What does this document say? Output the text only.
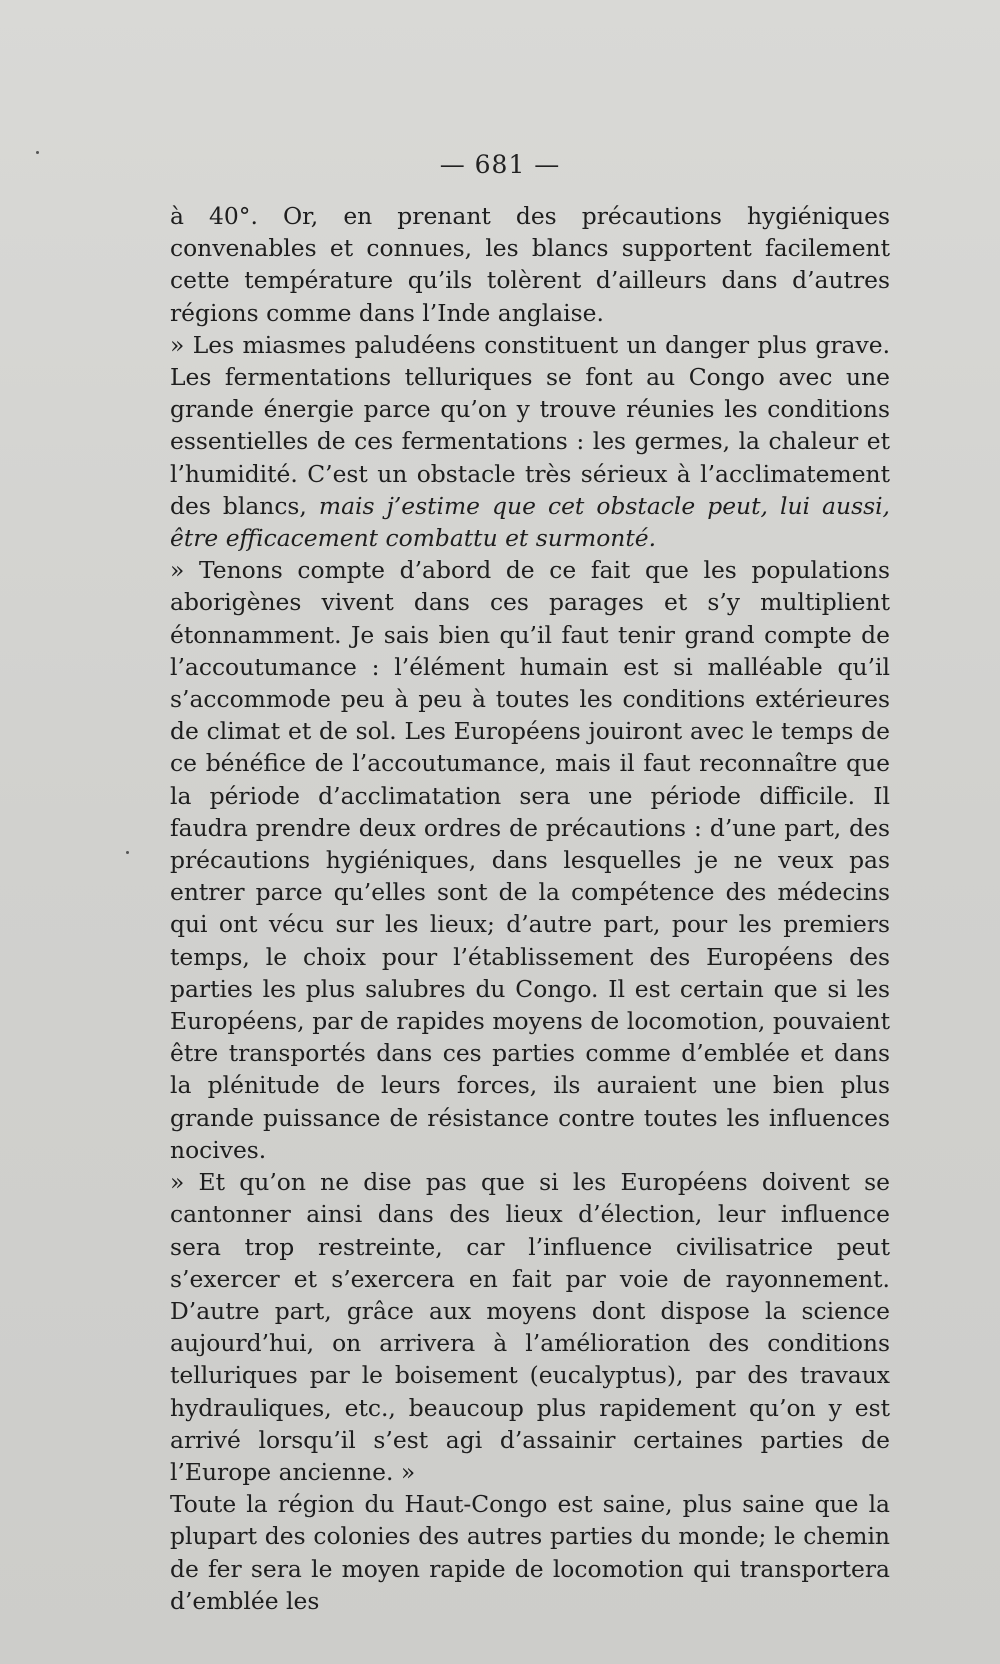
— 681 —

à 40°. Or, en prenant des précautions hygiéniques convenables et connues, les blancs supportent facilement cette température qu’ils tolèrent d’ailleurs dans d’autres régions comme dans l’Inde anglaise.

» Les miasmes paludéens constituent un danger plus grave. Les fermentations telluriques se font au Congo avec une grande énergie parce qu’on y trouve réunies les conditions essentielles de ces fermentations : les germes, la chaleur et l’humidité. C’est un obstacle très sérieux à l’acclimatement des blancs, mais j’estime que cet obstacle peut, lui aussi, être efficacement combattu et surmonté.

» Tenons compte d’abord de ce fait que les populations aborigènes vivent dans ces parages et s’y multiplient étonnamment. Je sais bien qu’il faut tenir grand compte de l’accoutumance : l’élément humain est si malléable qu’il s’accommode peu à peu à toutes les conditions extérieures de climat et de sol. Les Européens jouiront avec le temps de ce bénéfice de l’accoutumance, mais il faut reconnaître que la période d’acclimatation sera une période difficile. Il faudra prendre deux ordres de précautions : d’une part, des précautions hygiéniques, dans lesquelles je ne veux pas entrer parce qu’elles sont de la compétence des médecins qui ont vécu sur les lieux; d’autre part, pour les premiers temps, le choix pour l’établissement des Européens des parties les plus salubres du Congo. Il est certain que si les Européens, par de rapides moyens de locomotion, pouvaient être transportés dans ces parties comme d’emblée et dans la plénitude de leurs forces, ils auraient une bien plus grande puissance de résistance contre toutes les influences nocives.

» Et qu’on ne dise pas que si les Européens doivent se cantonner ainsi dans des lieux d’élection, leur influence sera trop restreinte, car l’influence civilisatrice peut s’exercer et s’exercera en fait par voie de rayonnement. D’autre part, grâce aux moyens dont dispose la science aujourd’hui, on arrivera à l’amélioration des conditions telluriques par le boisement (eucalyptus), par des travaux hydrauliques, etc., beaucoup plus rapidement qu’on y est arrivé lorsqu’il s’est agi d’assainir certaines parties de l’Europe ancienne. »

Toute la région du Haut-Congo est saine, plus saine que la plupart des colonies des autres parties du monde; le chemin de fer sera le moyen rapide de locomotion qui transportera d’emblée les
